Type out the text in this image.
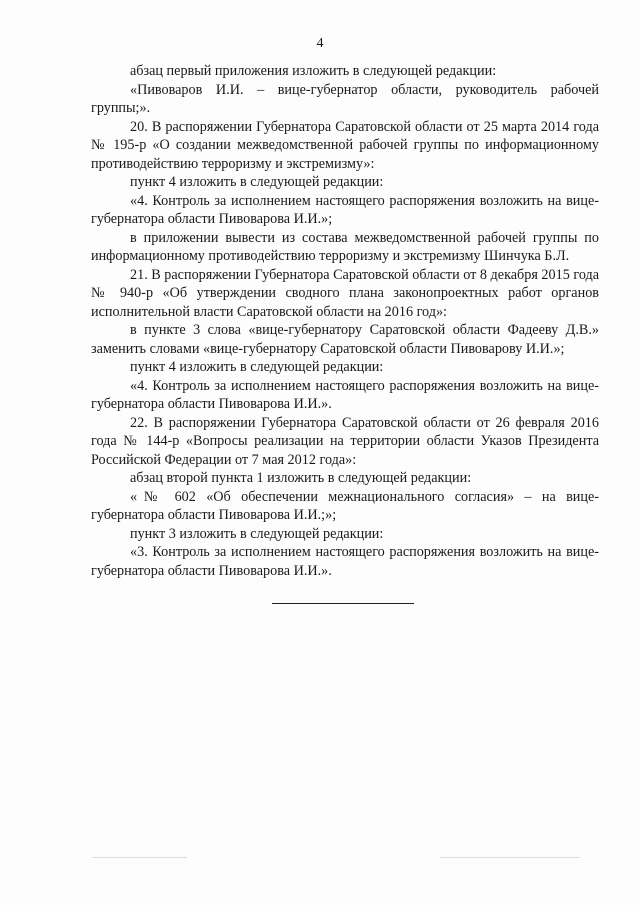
4

абзац первый приложения изложить в следующей редакции:

«Пивоваров И.И. – вице-губернатор области, руководитель рабочей группы;».

20. В распоряжении Губернатора Саратовской области от 25 марта 2014 года № 195-р «О создании межведомственной рабочей группы по информационному противодействию терроризму и экстремизму»:

пункт 4 изложить в следующей редакции:

«4. Контроль за исполнением настоящего распоряжения возложить на вице-губернатора области Пивоварова И.И.»;

в приложении вывести из состава межведомственной рабочей группы по информационному противодействию терроризму и экстремизму Шинчука Б.Л.

21. В распоряжении Губернатора Саратовской области от 8 декабря 2015 года № 940-р «Об утверждении сводного плана законопроектных работ органов исполнительной власти Саратовской области на 2016 год»:

в пункте 3 слова «вице-губернатору Саратовской области Фадееву Д.В.» заменить словами «вице-губернатору Саратовской области Пивоварову И.И.»;

пункт 4 изложить в следующей редакции:

«4. Контроль за исполнением настоящего распоряжения возложить на вице-губернатора области Пивоварова И.И.».

22. В распоряжении Губернатора Саратовской области от 26 февраля 2016 года № 144-р «Вопросы реализации на территории области Указов Президента Российской Федерации от 7 мая 2012 года»:

абзац второй пункта 1 изложить в следующей редакции:

«№ 602 «Об обеспечении межнационального согласия» – на вице-губернатора области Пивоварова И.И.;»;

пункт 3 изложить в следующей редакции:

«3. Контроль за исполнением настоящего распоряжения возложить на вице-губернатора области Пивоварова И.И.».
